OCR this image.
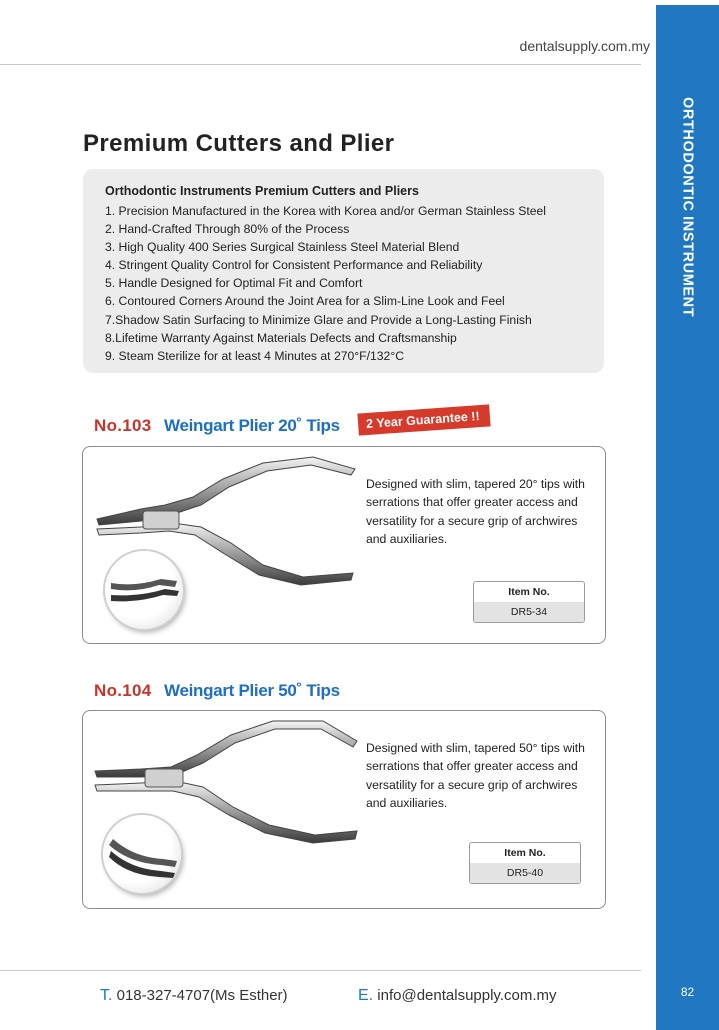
dentalsupply.com.my
ORTHODONTIC INSTRUMENT
82
Premium Cutters and Plier
Orthodontic Instruments Premium Cutters and Pliers
1. Precision Manufactured in the Korea with Korea and/or German Stainless Steel
2. Hand-Crafted Through 80% of the Process
3. High Quality 400 Series Surgical Stainless Steel Material Blend
4. Stringent Quality Control for Consistent Performance and Reliability
5. Handle Designed for Optimal Fit and Comfort
6. Contoured Corners Around the Joint Area for a Slim-Line Look and Feel
7.Shadow Satin Surfacing to Minimize Glare and Provide a Long-Lasting Finish
8.Lifetime Warranty Against Materials Defects and Craftsmanship
9. Steam Sterilize for at least 4 Minutes at 270°F/132°C
No.103 Weingart Plier 20˚ Tips	2 Year Guarantee !!
Designed with slim, tapered 20° tips with serrations that offer greater access and versatility for a secure grip of archwires and auxiliaries.
Item No.
DR5-34
No.104 Weingart Plier 50˚ Tips
Designed with slim, tapered 50° tips with serrations that offer greater access and versatility for a secure grip of archwires and auxiliaries.
Item No.
DR5-40
T. 018-327-4707(Ms Esther)	E. info@dentalsupply.com.my
